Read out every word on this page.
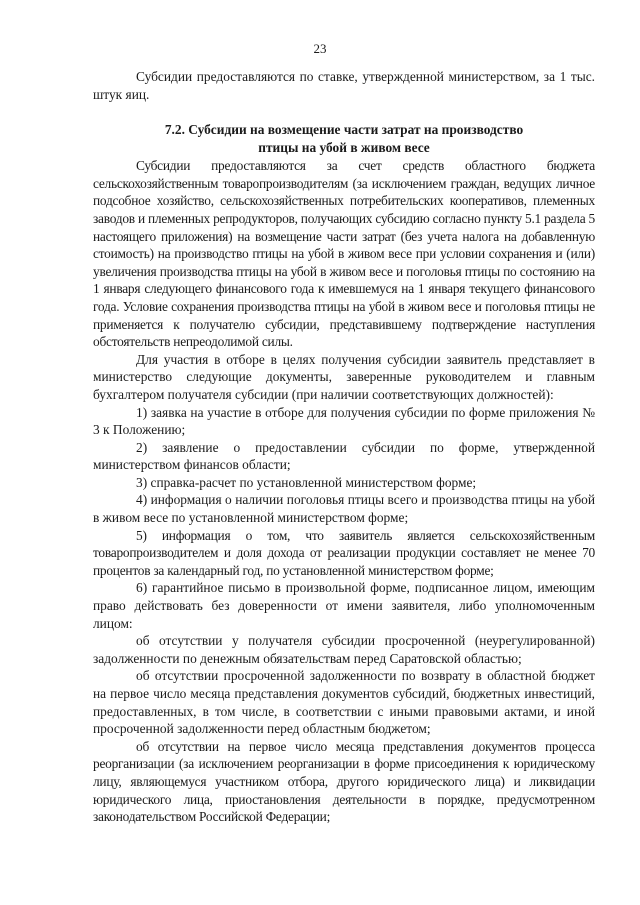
23

Субсидии предоставляются по ставке, утвержденной министерством, за 1 тыс. штук яиц.

7.2. Субсидии на возмещение части затрат на производство
птицы на убой в живом весе

Субсидии предоставляются за счет средств областного бюджета сельскохозяйственным товаропроизводителям (за исключением граждан, ведущих личное подсобное хозяйство, сельскохозяйственных потребительских кооперативов, племенных заводов и племенных репродукторов, получающих субсидию согласно пункту 5.1 раздела 5 настоящего приложения) на возмещение части затрат (без учета налога на добавленную стоимость) на производство птицы на убой в живом весе при условии сохранения и (или) увеличения производства птицы на убой в живом весе и поголовья птицы по состоянию на 1 января следующего финансового года к имевшемуся на 1 января текущего финансового года. Условие сохранения производства птицы на убой в живом весе и поголовья птицы не применяется к получателю субсидии, представившему подтверждение наступления обстоятельств непреодолимой силы.

Для участия в отборе в целях получения субсидии заявитель представляет в министерство следующие документы, заверенные руководителем и главным бухгалтером получателя субсидии (при наличии соответствующих должностей):

1) заявка на участие в отборе для получения субсидии по форме приложения № 3 к Положению;

2) заявление о предоставлении субсидии по форме, утвержденной министерством финансов области;

3) справка-расчет по установленной министерством форме;

4) информация о наличии поголовья птицы всего и производства птицы на убой в живом весе по установленной министерством форме;

5) информация о том, что заявитель является сельскохозяйственным товаропроизводителем и доля дохода от реализации продукции составляет не менее 70 процентов за календарный год, по установленной министерством форме;

6) гарантийное письмо в произвольной форме, подписанное лицом, имеющим право действовать без доверенности от имени заявителя, либо уполномоченным лицом:

об отсутствии у получателя субсидии просроченной (неурегулированной) задолженности по денежным обязательствам перед Саратовской областью;

об отсутствии просроченной задолженности по возврату в областной бюджет на первое число месяца представления документов субсидий, бюджетных инвестиций, предоставленных, в том числе, в соответствии с иными правовыми актами, и иной просроченной задолженности перед областным бюджетом;

об отсутствии на первое число месяца представления документов процесса реорганизации (за исключением реорганизации в форме присоединения к юридическому лицу, являющемуся участником отбора, другого юридического лица) и ликвидации юридического лица, приостановления деятельности в порядке, предусмотренном законодательством Российской Федерации;
